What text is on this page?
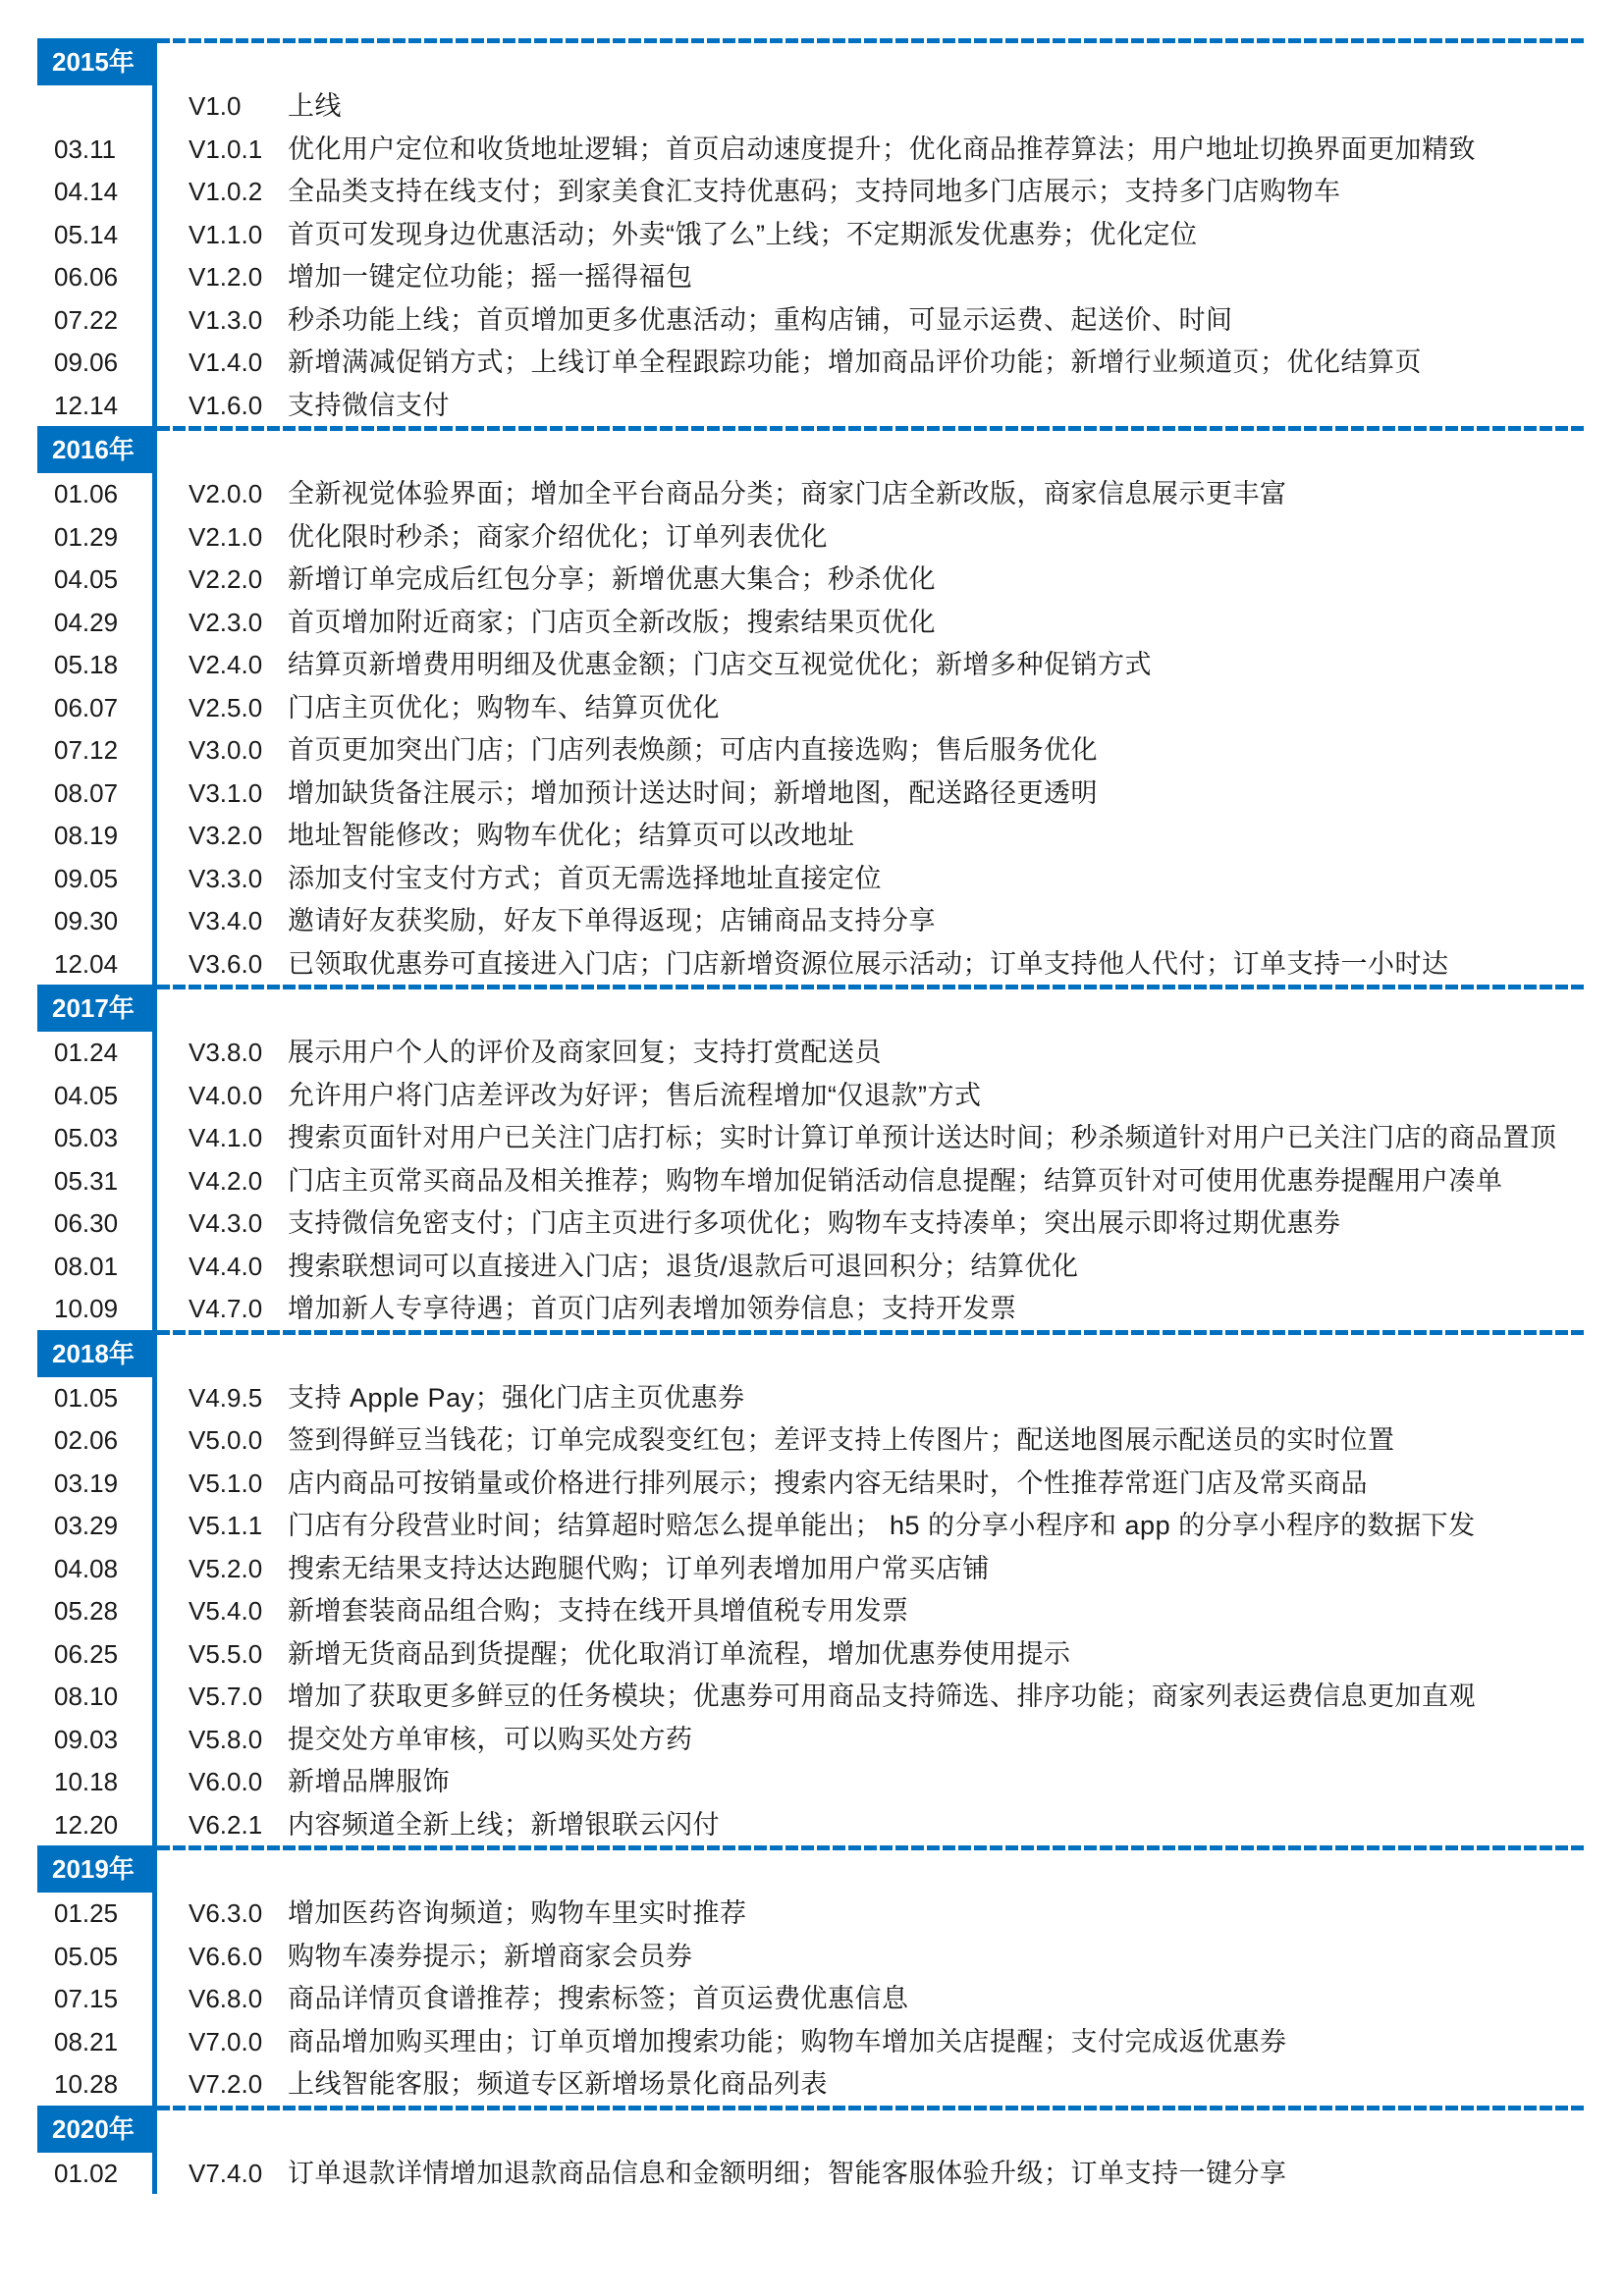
2015年
V1.0 上线
03.11	V1.0.1 优化用户定位和收货地址逻辑；首页启动速度提升；优化商品推荐算法；用户地址切换界面更加精致
04.14	V1.0.2 全品类支持在线支付；到家美食汇支持优惠码；支持同地多门店展示；支持多门店购物车
05.14	V1.1.0 首页可发现身边优惠活动；外卖“饿了么”上线；不定期派发优惠券；优化定位
06.06	V1.2.0 增加一键定位功能；摇一摇得福包
07.22	V1.3.0 秒杀功能上线；首页增加更多优惠活动；重构店铺，可显示运费、起送价、时间
09.06	V1.4.0 新增满减促销方式；上线订单全程跟踪功能；增加商品评价功能；新增行业频道页；优化结算页
12.14	V1.6.0 支持微信支付
2016年
01.06	V2.0.0 全新视觉体验界面；增加全平台商品分类；商家门店全新改版，商家信息展示更丰富
01.29	V2.1.0 优化限时秒杀；商家介绍优化；订单列表优化
04.05	V2.2.0 新增订单完成后红包分享；新增优惠大集合；秒杀优化
04.29	V2.3.0 首页增加附近商家；门店页全新改版；搜索结果页优化
05.18	V2.4.0 结算页新增费用明细及优惠金额；门店交互视觉优化；新增多种促销方式
06.07	V2.5.0 门店主页优化；购物车、结算页优化
07.12	V3.0.0 首页更加突出门店；门店列表焕颜；可店内直接选购；售后服务优化
08.07	V3.1.0 增加缺货备注展示；增加预计送达时间；新增地图，配送路径更透明
08.19	V3.2.0 地址智能修改；购物车优化；结算页可以改地址
09.05	V3.3.0 添加支付宝支付方式；首页无需选择地址直接定位
09.30	V3.4.0 邀请好友获奖励，好友下单得返现；店铺商品支持分享
12.04	V3.6.0 已领取优惠券可直接进入门店；门店新增资源位展示活动；订单支持他人代付；订单支持一小时达
2017年
01.24	V3.8.0 展示用户个人的评价及商家回复；支持打赏配送员
04.05	V4.0.0 允许用户将门店差评改为好评；售后流程增加“仅退款”方式
05.03	V4.1.0 搜索页面针对用户已关注门店打标；实时计算订单预计送达时间；秒杀频道针对用户已关注门店的商品置顶
05.31	V4.2.0 门店主页常买商品及相关推荐；购物车增加促销活动信息提醒；结算页针对可使用优惠券提醒用户凑单
06.30	V4.3.0 支持微信免密支付；门店主页进行多项优化；购物车支持凑单；突出展示即将过期优惠券
08.01	V4.4.0 搜索联想词可以直接进入门店；退货/退款后可退回积分；结算优化
10.09	V4.7.0 增加新人专享待遇；首页门店列表增加领券信息；支持开发票
2018年
01.05	V4.9.5 支持 Apple Pay；强化门店主页优惠券
02.06	V5.0.0 签到得鲜豆当钱花；订单完成裂变红包；差评支持上传图片；配送地图展示配送员的实时位置
03.19	V5.1.0 店内商品可按销量或价格进行排列展示；搜索内容无结果时，个性推荐常逛门店及常买商品
03.29	V5.1.1 门店有分段营业时间；结算超时赔怎么提单能出； h5 的分享小程序和 app 的分享小程序的数据下发
04.08	V5.2.0 搜索无结果支持达达跑腿代购；订单列表增加用户常买店铺
05.28	V5.4.0 新增套装商品组合购；支持在线开具增值税专用发票
06.25	V5.5.0 新增无货商品到货提醒；优化取消订单流程，增加优惠券使用提示
08.10	V5.7.0 增加了获取更多鲜豆的任务模块；优惠券可用商品支持筛选、排序功能；商家列表运费信息更加直观
09.03	V5.8.0 提交处方单审核，可以购买处方药
10.18	V6.0.0 新增品牌服饰
12.20	V6.2.1 内容频道全新上线；新增银联云闪付
2019年
01.25	V6.3.0 增加医药咨询频道；购物车里实时推荐
05.05	V6.6.0 购物车凑券提示；新增商家会员券
07.15	V6.8.0 商品详情页食谱推荐；搜索标签；首页运费优惠信息
08.21	V7.0.0 商品增加购买理由；订单页增加搜索功能；购物车增加关店提醒；支付完成返优惠券
10.28	V7.2.0 上线智能客服；频道专区新增场景化商品列表
2020年
01.02	V7.4.0 订单退款详情增加退款商品信息和金额明细；智能客服体验升级；订单支持一键分享
